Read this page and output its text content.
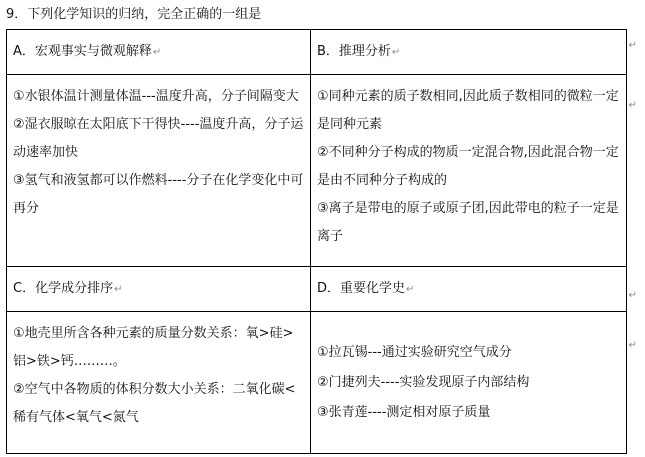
9．下列化学知识的归纳，完全正确的一组是
A．宏观事实与微观解释↵	B．推理分析↵

①水银体温计测量体温---温度升高，分子间隔变大
②湿衣服晾在太阳底下干得快----温度升高，分子运动速率加快
③氢气和液氢都可以作燃料----分子在化学变化中可再分	①同种元素的质子数相同,因此质子数相同的微粒一定是同种元素
②不同种分子构成的物质一定混合物,因此混合物一定是由不同种分子构成的
③离子是带电的原子或原子团,因此带电的粒子一定是离子

C．化学成分排序↵	D．重要化学史↵

①地壳里所含各种元素的质量分数关系：氧>硅>铝>铁>钙………。
②空气中各物质的体积分数大小关系：二氧化碳<稀有气体<氧气<氮气	①拉瓦锡---通过实验研究空气成分
②门捷列夫----实验发现原子内部结构
③张青莲----测定相对原子质量
↵
↵
↵
↵
